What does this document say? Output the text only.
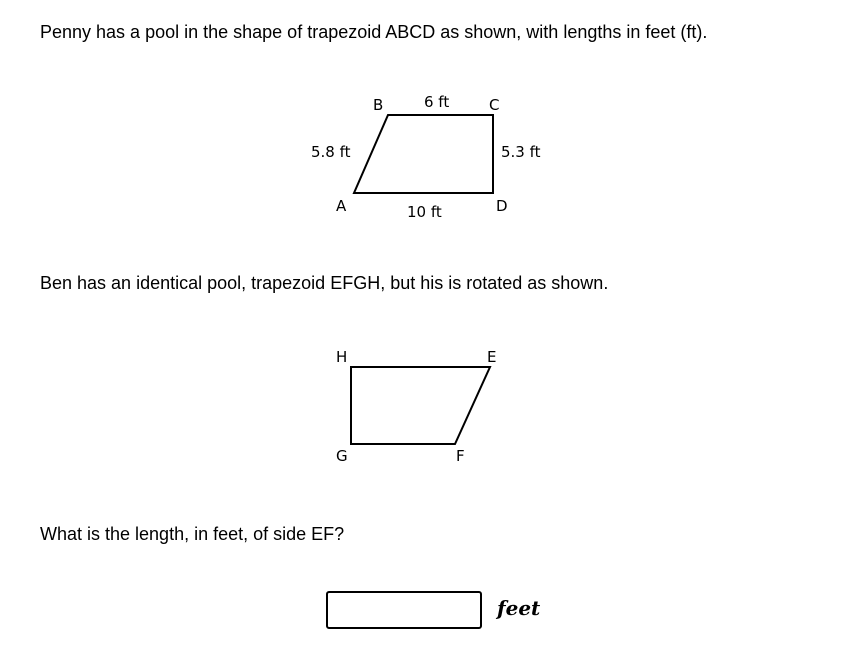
Penny has a pool in the shape of trapezoid ABCD as shown, with lengths in feet (ft).
B	C
A	D
6 ft
5.8 ft	5.3 ft
10 ft
Ben has an identical pool, trapezoid EFGH, but his is rotated as shown.
H	E
G	F
What is the length, in feet, of side EF?
feet
